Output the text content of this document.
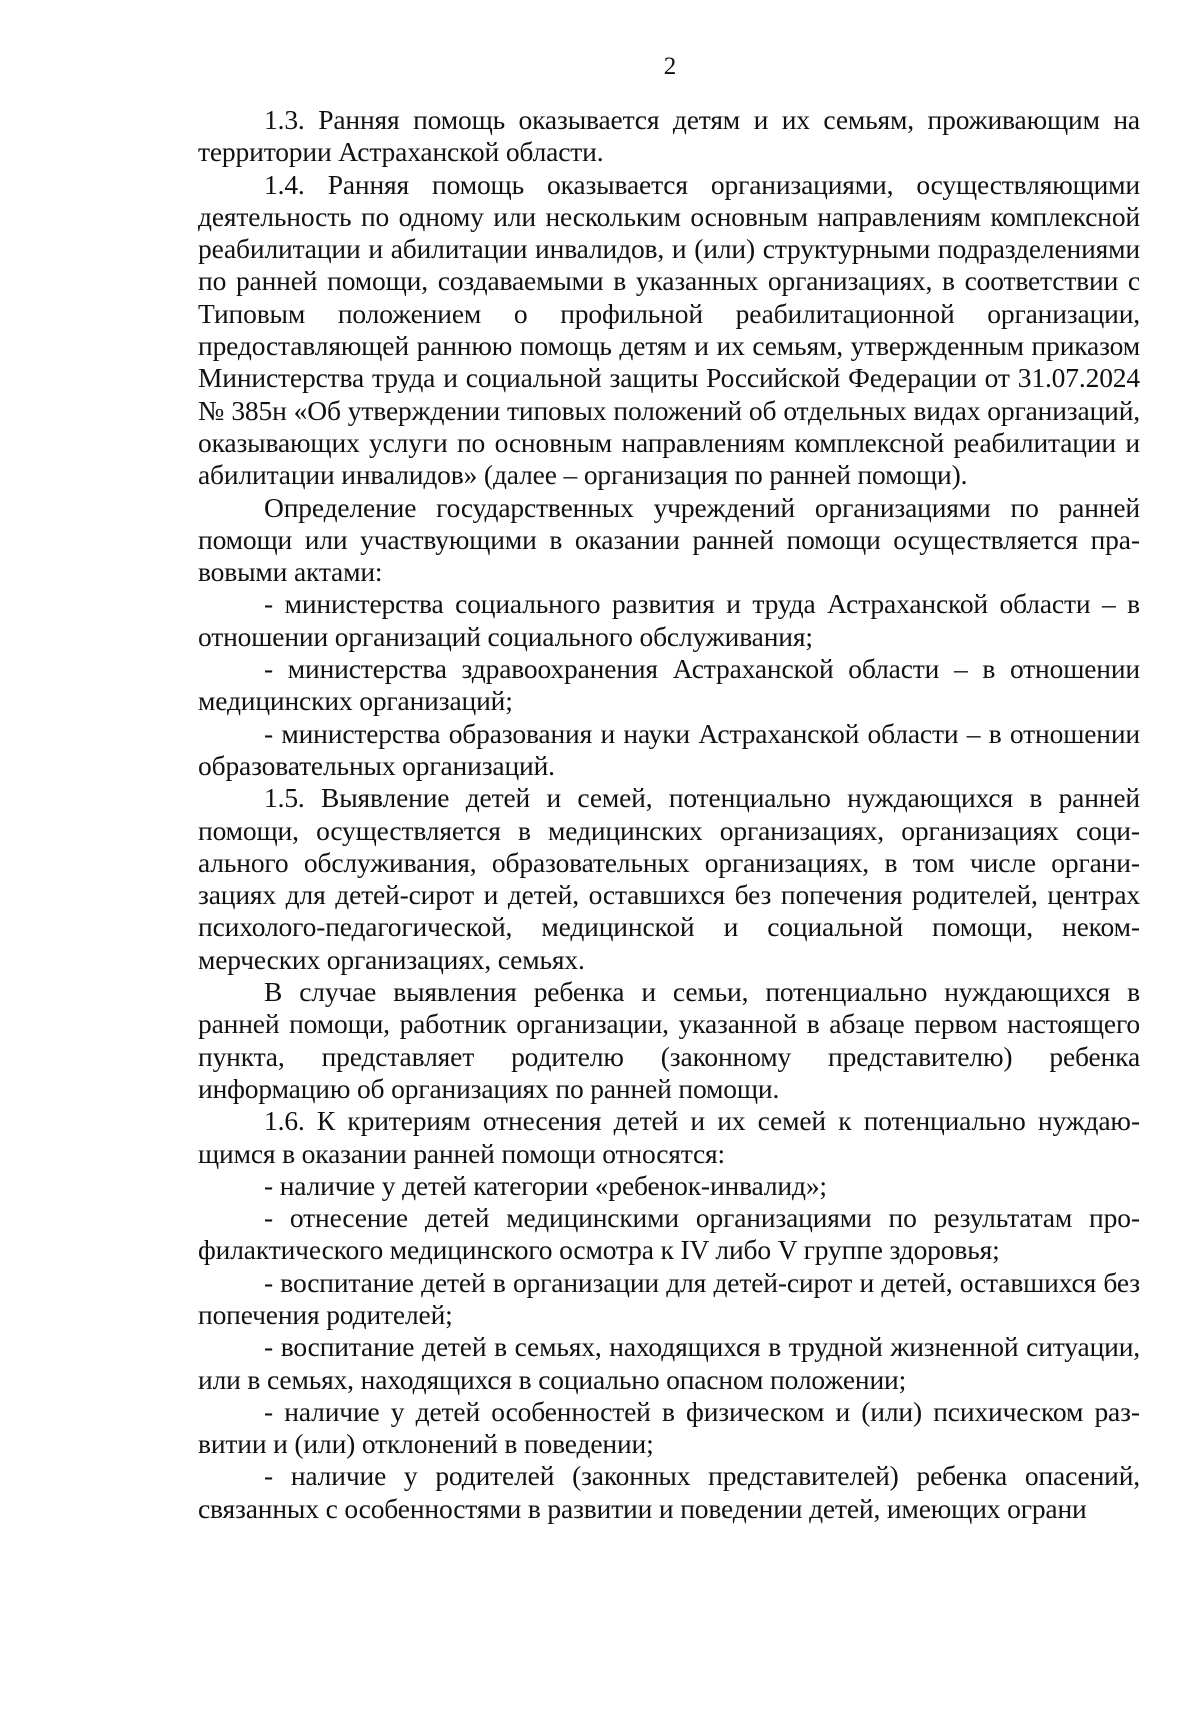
2

1.3. Ранняя помощь оказывается детям и их семьям, проживающим на территории Астраханской области.

1.4. Ранняя помощь оказывается организациями, осуществляющими деятельность по одному или нескольким основным направлениям комплексной реабилитации и абилитации инвалидов, и (или) структурными подразделениями по ранней помощи, создаваемыми в указанных организациях, в соответствии с Типовым положением о профильной реабилитационной организации, предоставляющей раннюю помощь детям и их семьям, утвержденным приказом Министерства труда и социальной защиты Российской Федерации от 31.07.2024 № 385н «Об утверждении типовых положений об отдельных видах организаций, оказывающих услуги по основным направлениям комплексной реабилитации и абилитации инвалидов» (далее – организация по ранней помощи).

Определение государственных учреждений организациями по ранней помощи или участвующими в оказании ранней помощи осуществляется правовыми актами:

- министерства социального развития и труда Астраханской области – в отношении организаций социального обслуживания;

- министерства здравоохранения Астраханской области – в отношении медицинских организаций;

- министерства образования и науки Астраханской области – в отношении образовательных организаций.

1.5. Выявление детей и семей, потенциально нуждающихся в ранней помощи, осуществляется в медицинских организациях, организациях социального обслуживания, образовательных организациях, в том числе организациях для детей-сирот и детей, оставшихся без попечения родителей, центрах психолого-педагогической, медицинской и социальной помощи, некоммерческих организациях, семьях.

В случае выявления ребенка и семьи, потенциально нуждающихся в ранней помощи, работник организации, указанной в абзаце первом настоящего пункта, представляет родителю (законному представителю) ребенка информацию об организациях по ранней помощи.

1.6. К критериям отнесения детей и их семей к потенциально нуждающимся в оказании ранней помощи относятся:

- наличие у детей категории «ребенок-инвалид»;

- отнесение детей медицинскими организациями по результатам профилактического медицинского осмотра к IV либо V группе здоровья;

- воспитание детей в организации для детей-сирот и детей, оставшихся без попечения родителей;

- воспитание детей в семьях, находящихся в трудной жизненной ситуации, или в семьях, находящихся в социально опасном положении;

- наличие у детей особенностей в физическом и (или) психическом развитии и (или) отклонений в поведении;

- наличие у родителей (законных представителей) ребенка опасений, связанных с особенностями в развитии и поведении детей, имеющих ограни
